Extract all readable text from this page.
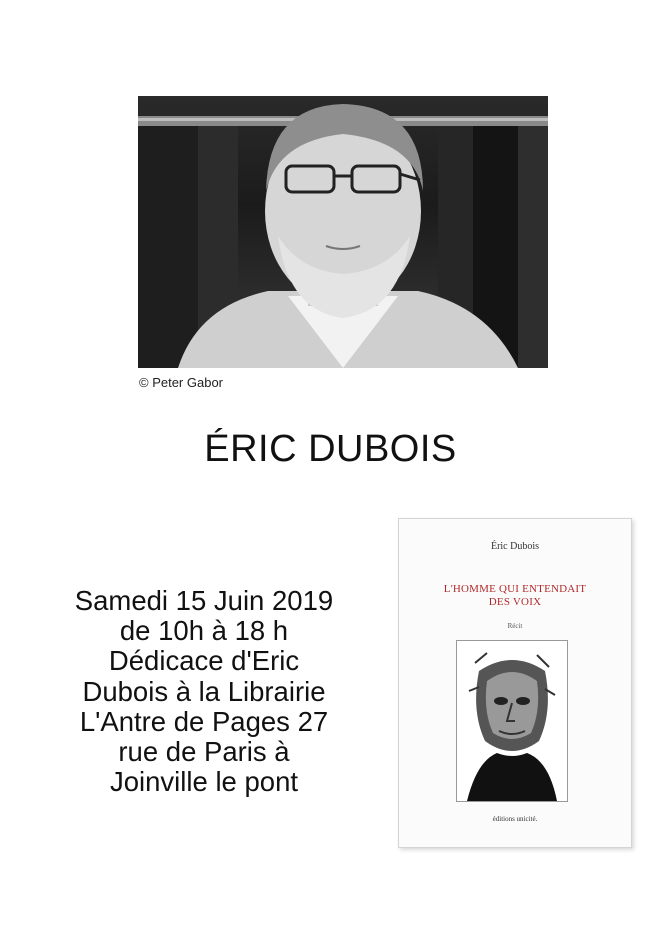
© Peter Gabor
ÉRIC DUBOIS
Samedi 15 Juin 2019
de 10h à 18 h
Dédicace d'Eric
Dubois à la Librairie
L'Antre de Pages 27
rue de Paris à
Joinville le pont
Éric Dubois
L'HOMME QUI ENTENDAIT
DES VOIX
Récit
éditions unicité.
